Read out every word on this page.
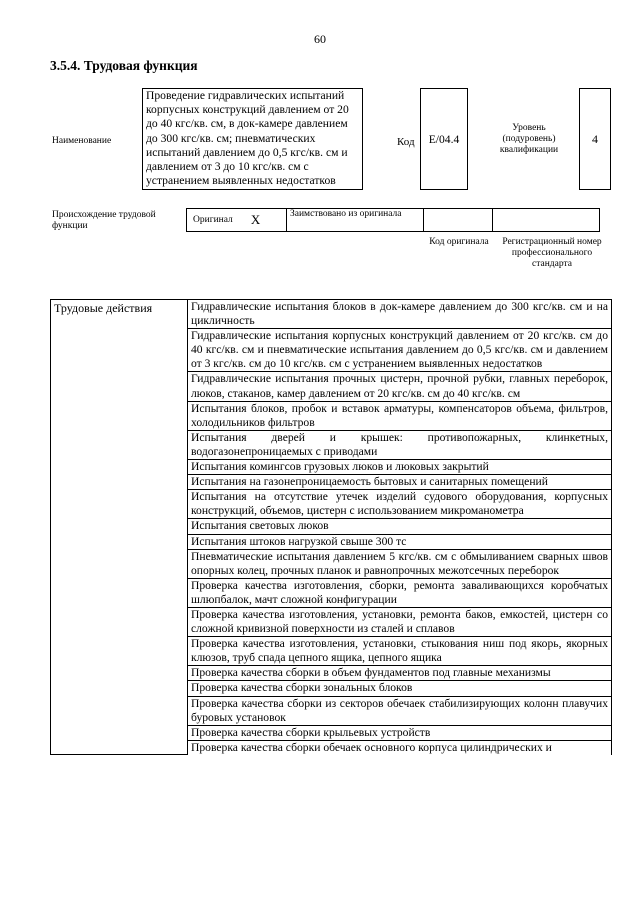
60
3.5.4. Трудовая функция
Наименование
Проведение гидравлических испытаний корпусных конструкций давлением от 20 до 40 кгс/кв. см, в док-камере давлением до 300 кгс/кв. см; пневматических испытаний давлением до 0,5 кгс/кв. см и давлением от 3 до 10 кгс/кв. см с устранением выявленных недостатков
Код	E/04.4
Уровень (подуровень) квалификации
4
Происхождение трудовой функции
Оригинал X	Заимствовано из оригинала
Код оригинала	Регистрационный номер профессионального стандарта
Трудовые действия	Гидравлические испытания блоков в док-камере давлением до 300 кгс/кв. см и на цикличность
Гидравлические испытания корпусных конструкций давлением от 20 кгс/кв. см до 40 кгс/кв. см и пневматические испытания давлением до 0,5 кгс/кв. см и давлением от 3 кгс/кв. см до 10 кгс/кв. см с устранением выявленных недостатков
Гидравлические испытания прочных цистерн, прочной рубки, главных переборок, люков, стаканов, камер давлением от 20 кгс/кв. см до 40 кгс/кв. см
Испытания блоков, пробок и вставок арматуры, компенсаторов объема, фильтров, холодильников фильтров
Испытания дверей и крышек: противопожарных, клинкетных, водогазонепроницаемых с приводами
Испытания комингсов грузовых люков и люковых закрытий
Испытания на газонепроницаемость бытовых и санитарных помещений
Испытания на отсутствие утечек изделий судового оборудования, корпусных конструкций, объемов, цистерн с использованием микроманометра
Испытания световых люков
Испытания штоков нагрузкой свыше 300 тс
Пневматические испытания давлением 5 кгс/кв. см с обмыливанием сварных швов опорных колец, прочных планок и равнопрочных межотсечных переборок
Проверка качества изготовления, сборки, ремонта заваливающихся коробчатых шлюпбалок, мачт сложной конфигурации
Проверка качества изготовления, установки, ремонта баков, емкостей, цистерн со сложной кривизной поверхности из сталей и сплавов
Проверка качества изготовления, установки, стыкования ниш под якорь, якорных клюзов, труб спада цепного ящика, цепного ящика
Проверка качества сборки в объем фундаментов под главные механизмы
Проверка качества сборки зональных блоков
Проверка качества сборки из секторов обечаек стабилизирующих колонн плавучих буровых установок
Проверка качества сборки крыльевых устройств
Проверка качества сборки обечаек основного корпуса цилиндрических и
